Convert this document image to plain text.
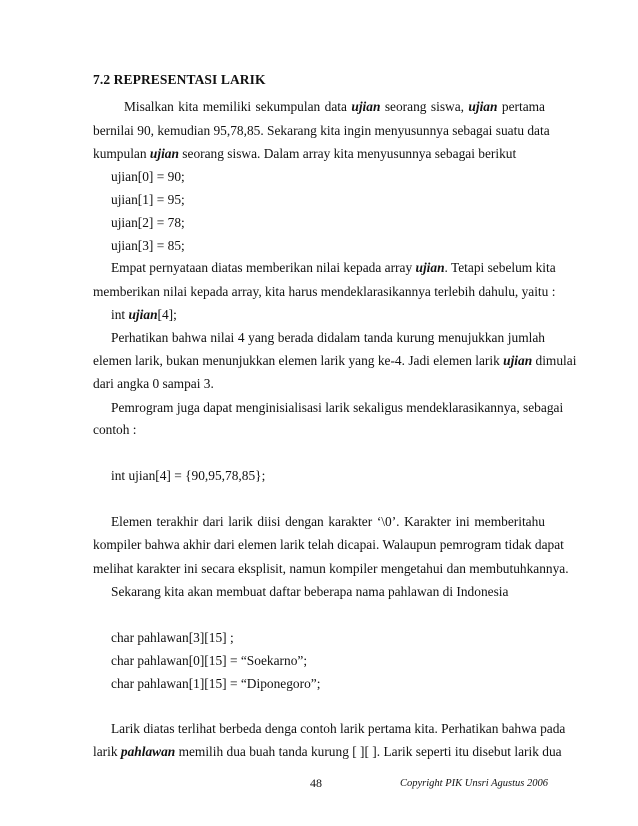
7.2 REPRESENTASI LARIK
Misalkan kita memiliki sekumpulan data ujian seorang siswa, ujian pertama
bernilai 90, kemudian 95,78,85. Sekarang kita ingin menyusunnya sebagai suatu data
kumpulan ujian seorang siswa. Dalam array kita menyusunnya sebagai berikut
ujian[0] = 90;
ujian[1] = 95;
ujian[2] = 78;
ujian[3] = 85;
Empat pernyataan diatas memberikan nilai kepada array ujian. Tetapi sebelum kita
memberikan nilai kepada array, kita harus mendeklarasikannya terlebih dahulu, yaitu :
int ujian[4];
Perhatikan bahwa nilai 4 yang berada didalam tanda kurung menujukkan jumlah
elemen larik, bukan menunjukkan elemen larik yang ke-4. Jadi elemen larik ujian dimulai
dari angka 0 sampai 3.
Pemrogram juga dapat menginisialisasi larik sekaligus mendeklarasikannya, sebagai
contoh :
int ujian[4] = {90,95,78,85};
Elemen terakhir dari larik diisi dengan karakter ‘\0’. Karakter ini memberitahu
kompiler bahwa akhir dari elemen larik telah dicapai. Walaupun pemrogram tidak dapat
melihat karakter ini secara eksplisit, namun kompiler mengetahui dan membutuhkannya.
Sekarang kita akan membuat daftar beberapa nama pahlawan di Indonesia
char pahlawan[3][15] ;
char pahlawan[0][15] = “Soekarno”;
char pahlawan[1][15] = “Diponegoro”;
48	Copyright PIK Unsri Agustus 2006
Larik diatas terlihat berbeda denga contoh larik pertama kita. Perhatikan bahwa pada
larik pahlawan memilih dua buah tanda kurung [ ][ ]. Larik seperti itu disebut larik dua
